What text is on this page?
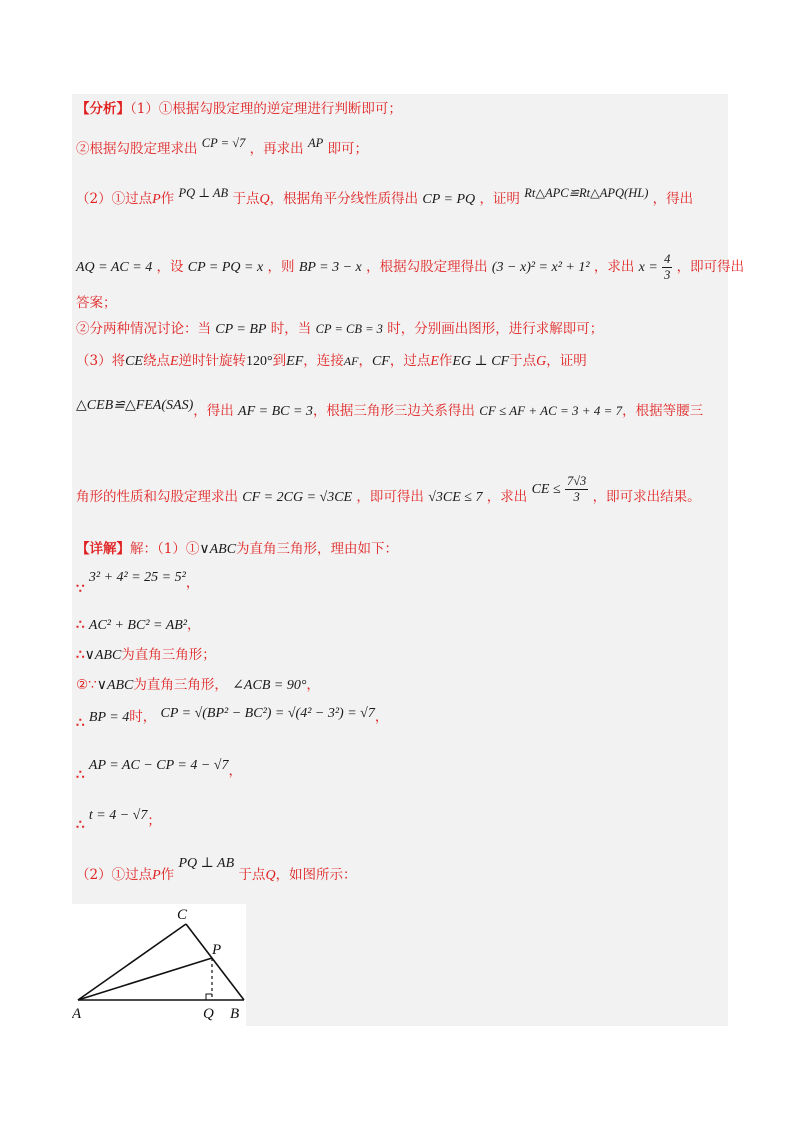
【分析】（1）①根据勾股定理的逆定理进行判断即可；
②根据勾股定理求出 CP = √7 ，再求出 AP 即可；
（2）①过点P作 PQ ⊥ AB 于点Q，根据角平分线性质得出 CP = PQ ，证明 Rt△APC≌Rt△APQ(HL) ，得出
AQ = AC = 4 ，设 CP = PQ = x ，则 BP = 3 − x ，根据勾股定理得出 (3 − x)² = x² + 1² ，求出 $x = \frac{4}{3}$ ，即可得出
答案；
②分两种情况讨论：当 CP = BP 时，当 CP = CB = 3 时，分别画出图形，进行求解即可；
（3）将CE绕点E逆时针旋转120°到EF，连接AF，CF，过点E作EG ⊥ CF于点G，证明
△CEB≌△FEA(SAS)，得出 AF = BC = 3，根据三角形三边关系得出 CF ≤ AF + AC = 3 + 4 = 7，根据等腰三
角形的性质和勾股定理求出 CF = 2CG = √3CE ，即可得出 √3CE ≤ 7 ，求出 CE ≤ $\frac{7√3}{3}$ ，即可求出结果。
【详解】解：（1）①∨ABC为直角三角形，理由如下：
∵ 3² + 4² = 25 = 5²，
∴ AC² + BC² = AB²，
∴∨ABC为直角三角形；
②∵∨ABC为直角三角形， ∠ACB = 90°，
∴ BP = 4时， CP = √(BP² − BC²) = √(4² − 3²) = √7，
∴ AP = AC − CP = 4 − √7，
∴ t = 4 − √7；
（2）①过点P作 PQ ⊥ AB 于点Q，如图所示：
A	B
C
P
Q
